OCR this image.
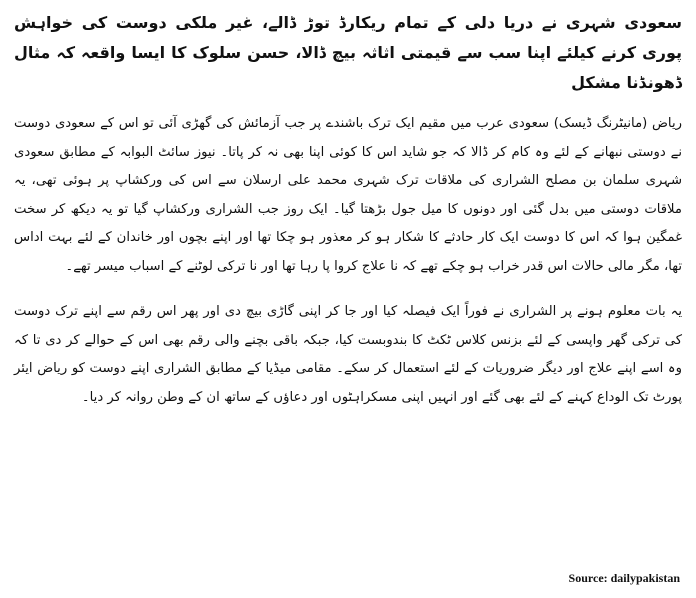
سعودی شہری نے دریا دلی کے تمام ریکارڈ توڑ ڈالے، غیر ملکی دوست کی خواہش پوری کرنے کیلئے اپنا سب سے قیمتی اثاثہ بیچ ڈالا، حسن سلوک کا ایسا واقعہ کہ مثال ڈھونڈنا مشکل

ریاض (مانیٹرنگ ڈیسک) سعودی عرب میں مقیم ایک ترک باشندے پر جب آزمائش کی گھڑی آئی تو اس کے سعودی دوست نے دوستی نبھانے کے لئے وہ کام کر ڈالا کہ جو شاید اس کا کوئی اپنا بھی نہ کر پاتا۔ نیوز سائٹ البوابہ کے مطابق سعودی شہری سلمان بن مصلح الشراری کی ملاقات ترک شہری محمد علی ارسلان سے اس کی ورکشاپ پر ہوئی تھی، یہ ملاقات دوستی میں بدل گئی اور دونوں کا میل جول بڑھتا گیا۔ ایک روز جب الشراری ورکشاپ گیا تو یہ دیکھ کر سخت غمگین ہوا کہ اس کا دوست ایک کار حادثے کا شکار ہو کر معذور ہو چکا تھا اور اپنے بچوں اور خاندان کے لئے بہت اداس تھا، مگر مالی حالات اس قدر خراب ہو چکے تھے کہ نا علاج کروا پا رہا تھا اور نا ترکی لوٹنے کے اسباب میسر تھے۔

یہ بات معلوم ہونے پر الشراری نے فوراً ایک فیصلہ کیا اور جا کر اپنی گاڑی بیچ دی اور پھر اس رقم سے اپنے ترک دوست کی ترکی گھر واپسی کے لئے بزنس کلاس ٹکٹ کا بندوبست کیا، جبکہ باقی بچنے والی رقم بھی اس کے حوالے کر دی تا کہ وہ اسے اپنے علاج اور دیگر ضروریات کے لئے استعمال کر سکے۔ مقامی میڈیا کے مطابق الشراری اپنے دوست کو ریاض ایئر پورٹ تک الوداع کہنے کے لئے بھی گئے اور انہیں اپنی مسکراہٹوں اور دعاؤں کے ساتھ ان کے وطن روانہ کر دیا۔

Source: dailypakistan
